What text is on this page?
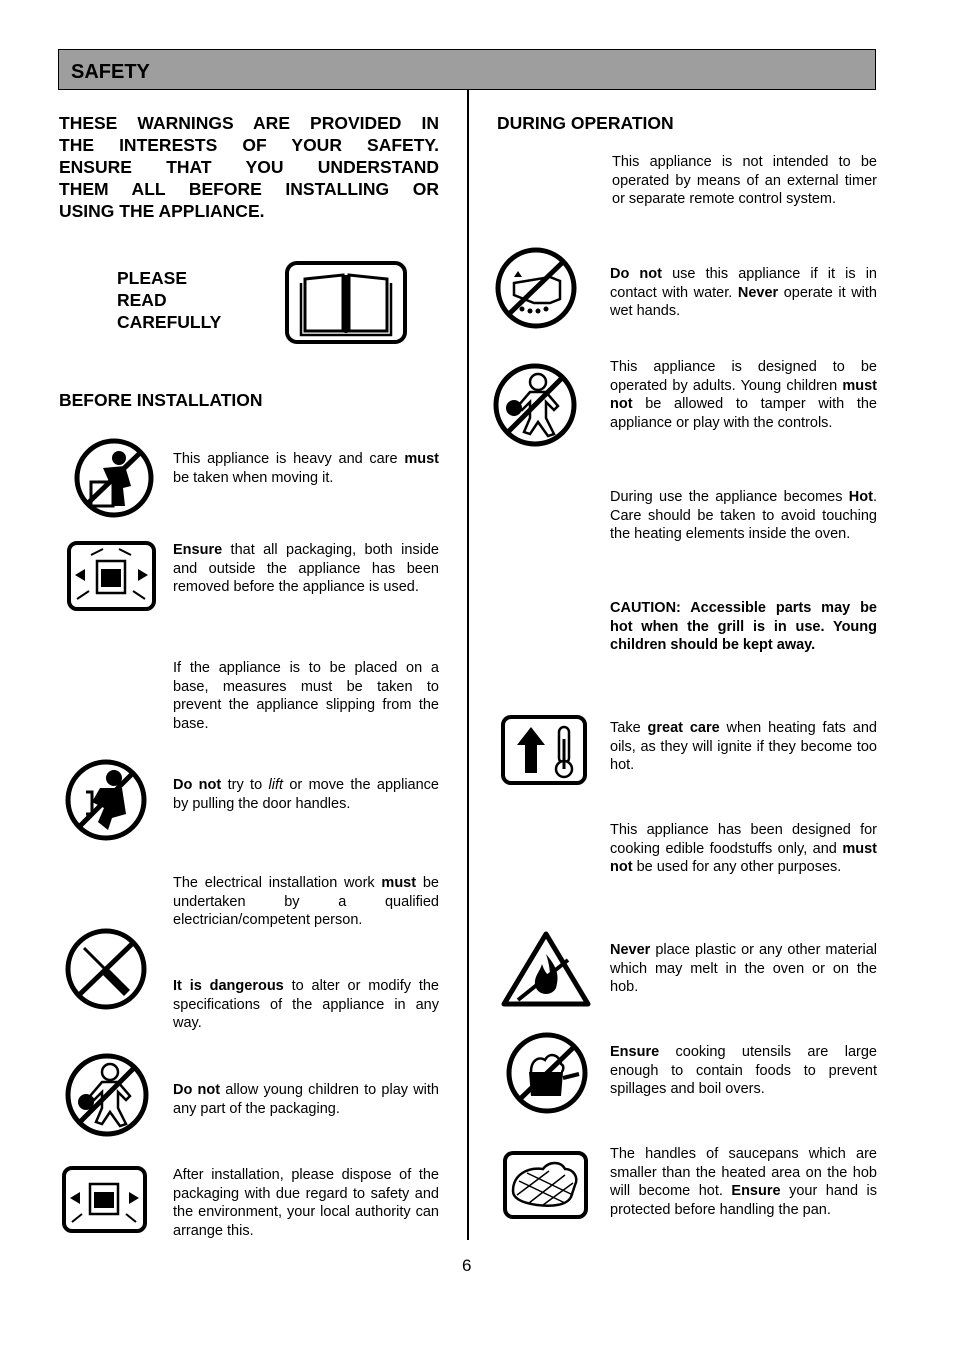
SAFETY
THESE WARNINGS ARE PROVIDED IN
THE INTERESTS OF YOUR SAFETY.
ENSURE THAT YOU UNDERSTAND
THEM ALL BEFORE INSTALLING OR
USING THE APPLIANCE.
PLEASE
READ
CAREFULLY
BEFORE INSTALLATION
This appliance is heavy and care must be taken when moving it.
Ensure that all packaging, both inside and outside the appliance has been removed before the appliance is used.
If the appliance is to be placed on a base, measures must be taken to prevent the appliance slipping from the base.
Do not try to lift or move the appliance by pulling the door handles.
The electrical installation work must be undertaken by a qualified electrician/competent person.
It is dangerous to alter or modify the specifications of the appliance in any way.
Do not allow young children to play with any part of the packaging.
After installation, please dispose of the packaging with due regard to safety and the environment, your local authority can arrange this.
DURING OPERATION
This appliance is not intended to be operated by means of an external timer or separate remote control system.
Do not use this appliance if it is in contact with water. Never operate it with wet hands.
This appliance is designed to be operated by adults. Young children must not be allowed to tamper with the appliance or play with the controls.
During use the appliance becomes Hot. Care should be taken to avoid touching the heating elements inside the oven.
CAUTION: Accessible parts may be hot when the grill is in use. Young children should be kept away.
Take great care when heating fats and oils, as they will ignite if they become too hot.
This appliance has been designed for cooking edible foodstuffs only, and must not be used for any other purposes.
Never place plastic or any other material which may melt in the oven or on the hob.
Ensure cooking utensils are large enough to contain foods to prevent spillages and boil overs.
The handles of saucepans which are smaller than the heated area on the hob will become hot. Ensure your hand is protected before handling the pan.
6
